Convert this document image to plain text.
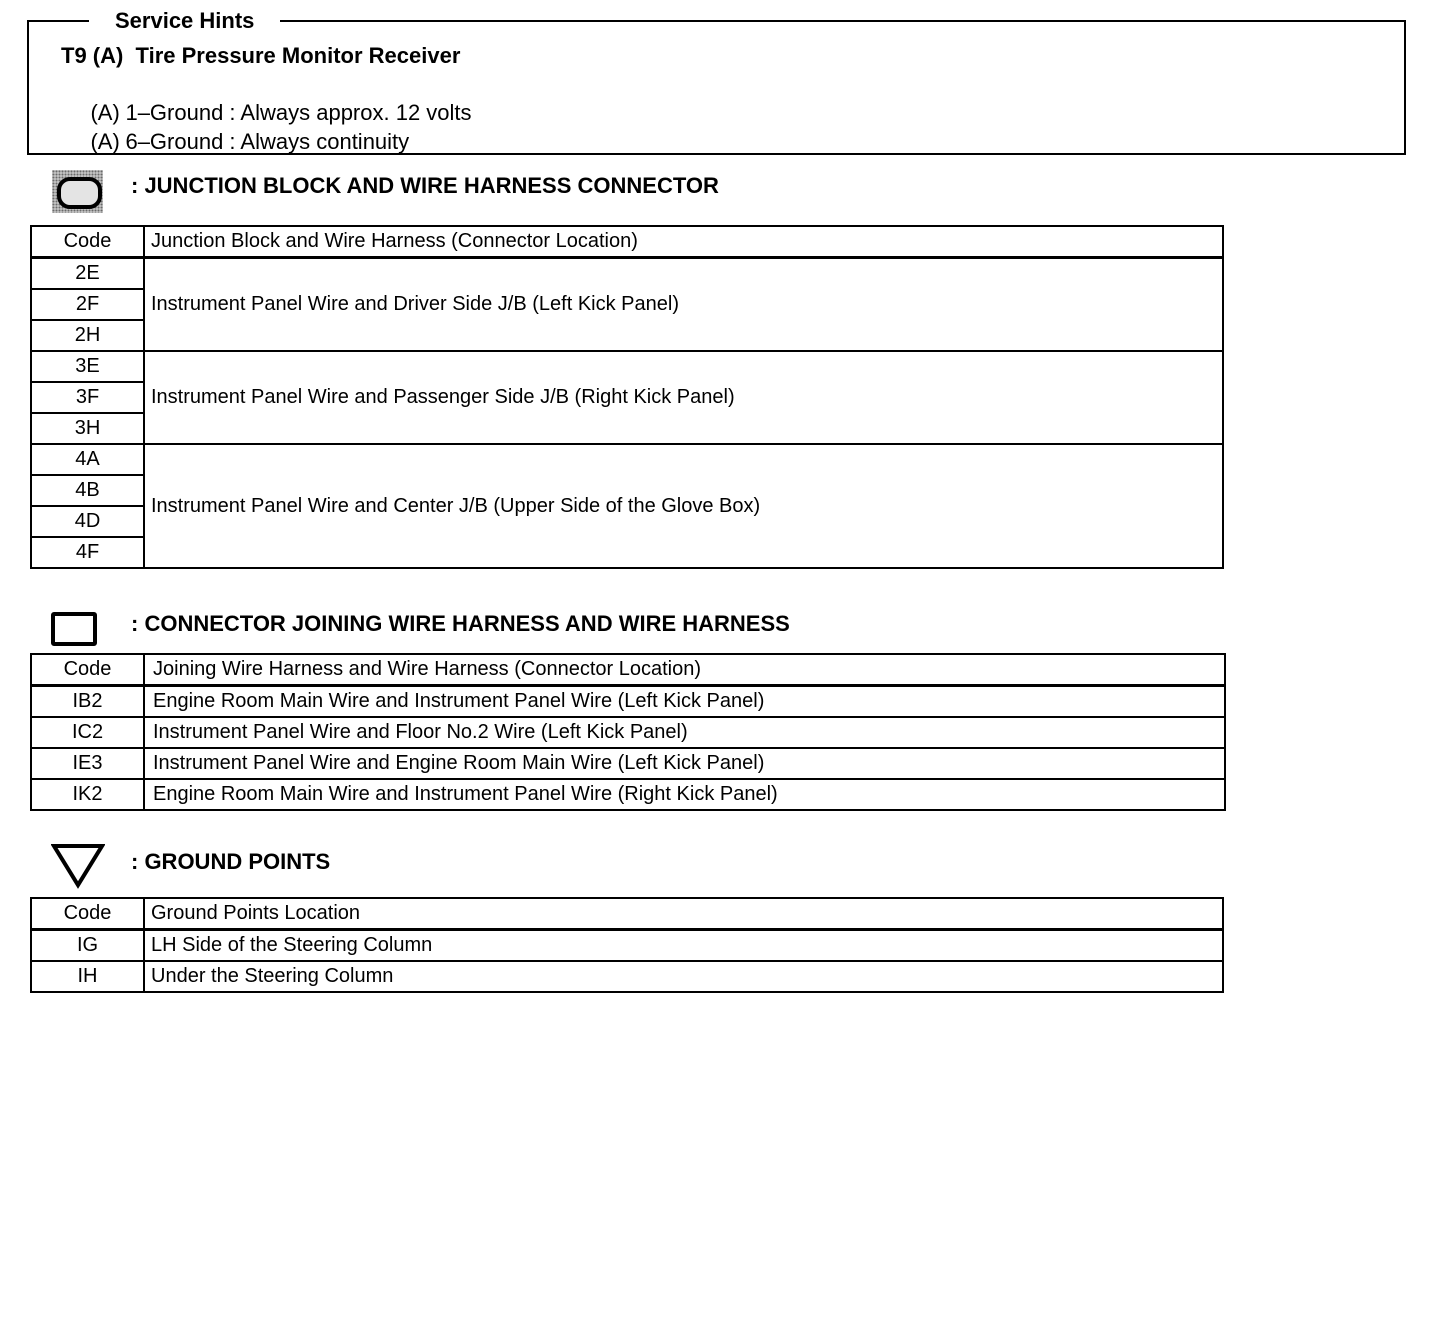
Service Hints
T9 (A)  Tire Pressure Monitor Receiver

(A) 1–Ground : Always approx. 12 volts

(A) 6–Ground : Always continuity

: JUNCTION BLOCK AND WIRE HARNESS CONNECTOR
Code	Junction Block and Wire Harness (Connector Location)
2E	Instrument Panel Wire and Driver Side J/B (Left Kick Panel)
2F	
2H	
3E	Instrument Panel Wire and Passenger Side J/B (Right Kick Panel)
3F	
3H	
4A	Instrument Panel Wire and Center J/B (Upper Side of the Glove Box)
4B	
4D	
4F	
: CONNECTOR JOINING WIRE HARNESS AND WIRE HARNESS
Code	Joining Wire Harness and Wire Harness (Connector Location)
IB2	Engine Room Main Wire and Instrument Panel Wire (Left Kick Panel)
IC2	Instrument Panel Wire and Floor No.2 Wire (Left Kick Panel)
IE3	Instrument Panel Wire and Engine Room Main Wire (Left Kick Panel)
IK2	Engine Room Main Wire and Instrument Panel Wire (Right Kick Panel)
: GROUND POINTS
Code	Ground Points Location
IG	LH Side of the Steering Column
IH	Under the Steering Column
